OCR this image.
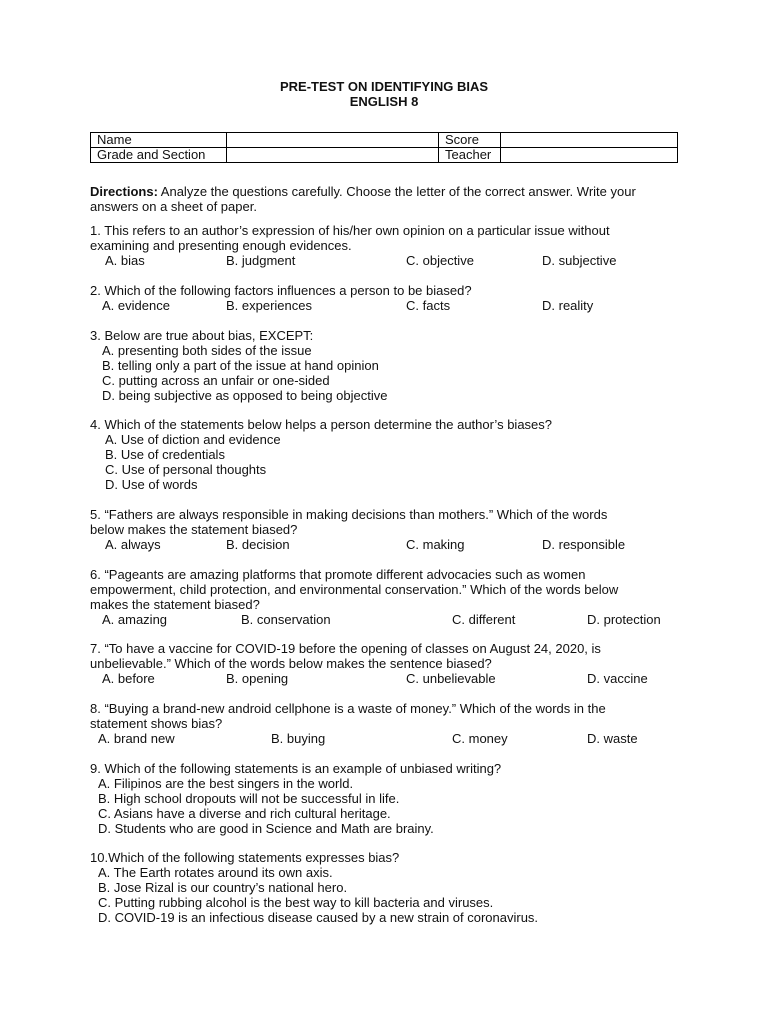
PRE-TEST ON IDENTIFYING BIAS
ENGLISH 8
Name		Score	
Grade and Section		Teacher	
Directions: Analyze the questions carefully. Choose the letter of the correct answer. Write your
answers on a sheet of paper.
1. This refers to an author’s expression of his/her own opinion on a particular issue without
examining and presenting enough evidences.
A. bias	B. judgment	C. objective	D. subjective
2. Which of the following factors influences a person to be biased?
A. evidence	B. experiences	C. facts	D. reality
3. Below are true about bias, EXCEPT:
A. presenting both sides of the issue
B. telling only a part of the issue at hand opinion
C. putting across an unfair or one-sided
D. being subjective as opposed to being objective
4. Which of the statements below helps a person determine the author’s biases?
A. Use of diction and evidence
B. Use of credentials
C. Use of personal thoughts
D. Use of words
5. “Fathers are always responsible in making decisions than mothers.” Which of the words
below makes the statement biased?
A. always	B. decision	C. making	D. responsible
6. “Pageants are amazing platforms that promote different advocacies such as women
empowerment, child protection, and environmental conservation.” Which of the words below
makes the statement biased?
A. amazing	B. conservation	C. different	D. protection
7. “To have a vaccine for COVID-19 before the opening of classes on August 24, 2020, is
unbelievable.” Which of the words below makes the sentence biased?
A. before	B. opening	C. unbelievable	D. vaccine
8. “Buying a brand-new android cellphone is a waste of money.” Which of the words in the
statement shows bias?
A. brand new	B. buying	C. money	D. waste
9. Which of the following statements is an example of unbiased writing?
A. Filipinos are the best singers in the world.
B. High school dropouts will not be successful in life.
C. Asians have a diverse and rich cultural heritage.
D. Students who are good in Science and Math are brainy.
10.Which of the following statements expresses bias?
A. The Earth rotates around its own axis.
B. Jose Rizal is our country’s national hero.
C. Putting rubbing alcohol is the best way to kill bacteria and viruses.
D. COVID-19 is an infectious disease caused by a new strain of coronavirus.
